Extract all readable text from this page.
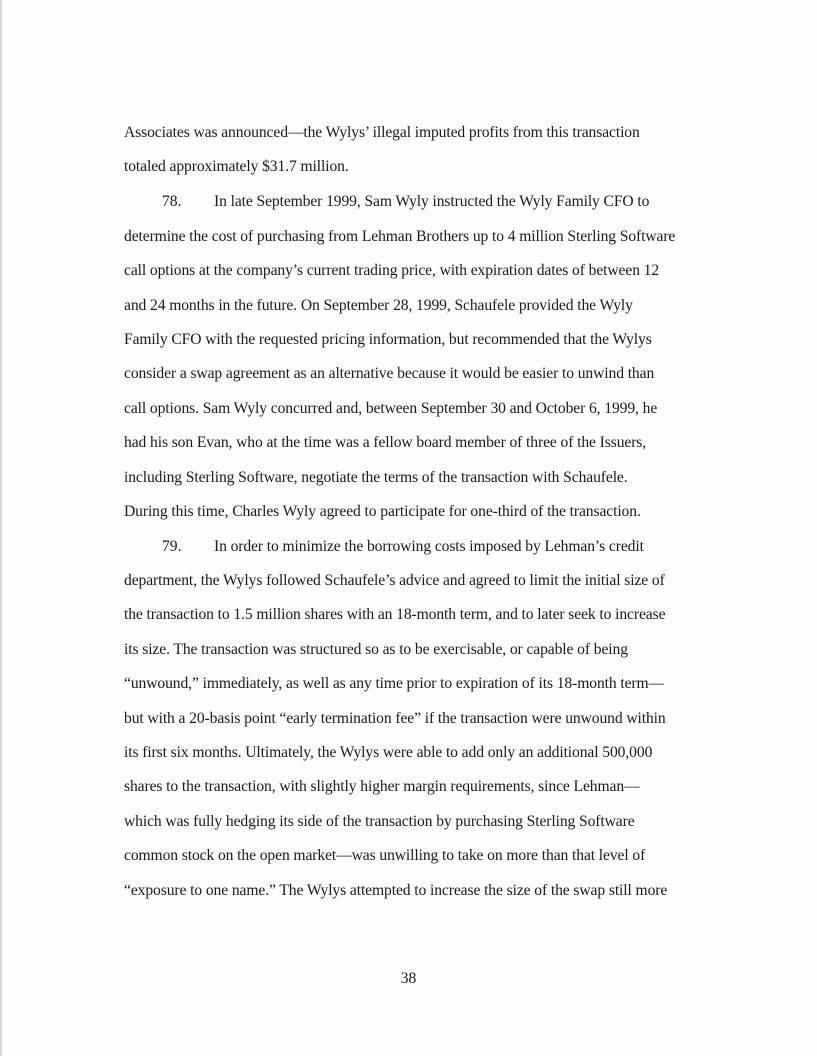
Associates was announced—the Wylys’ illegal imputed profits from this transaction
totaled approximately $31.7 million.
78. In late September 1999, Sam Wyly instructed the Wyly Family CFO to
determine the cost of purchasing from Lehman Brothers up to 4 million Sterling Software
call options at the company’s current trading price, with expiration dates of between 12
and 24 months in the future. On September 28, 1999, Schaufele provided the Wyly
Family CFO with the requested pricing information, but recommended that the Wylys
consider a swap agreement as an alternative because it would be easier to unwind than
call options. Sam Wyly concurred and, between September 30 and October 6, 1999, he
had his son Evan, who at the time was a fellow board member of three of the Issuers,
including Sterling Software, negotiate the terms of the transaction with Schaufele.
During this time, Charles Wyly agreed to participate for one-third of the transaction.
79. In order to minimize the borrowing costs imposed by Lehman’s credit
department, the Wylys followed Schaufele’s advice and agreed to limit the initial size of
the transaction to 1.5 million shares with an 18-month term, and to later seek to increase
its size. The transaction was structured so as to be exercisable, or capable of being
“unwound,” immediately, as well as any time prior to expiration of its 18-month term—
but with a 20-basis point “early termination fee” if the transaction were unwound within
its first six months. Ultimately, the Wylys were able to add only an additional 500,000
shares to the transaction, with slightly higher margin requirements, since Lehman—
which was fully hedging its side of the transaction by purchasing Sterling Software
common stock on the open market—was unwilling to take on more than that level of
“exposure to one name.” The Wylys attempted to increase the size of the swap still more
38
